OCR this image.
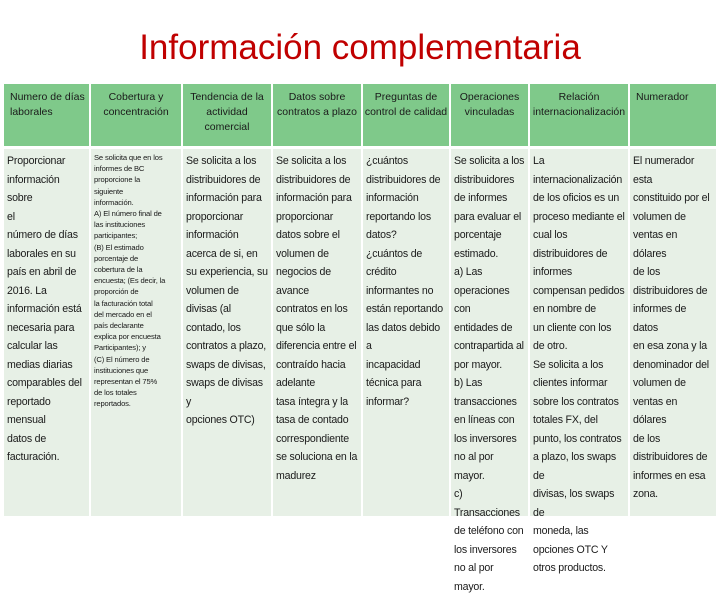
Información complementaria
Numero de días
laborales
Cobertura y
concentración
Tendencia de la
actividad
comercial
Datos sobre
contratos a plazo
Preguntas de
control de calidad
Operaciones
vinculadas
Relación
internacionalización
Numerador
Proporcionar
información sobre
el
número de días
laborales en su
país en abril de
2016. La
información está
necesaria para
calcular las
medias diarias
comparables del
reportado
mensual
datos de
facturación.
Se solicita que en los
informes de BC
proporcione la
siguiente
información.
A) El número final de
las instituciones
participantes;
(B) El estimado
porcentaje de
cobertura de la
encuesta; (Es decir, la
proporción de
la facturación total
del mercado en el
país declarante
explica por encuesta
Participantes); y
(C) El número de
instituciones que
representan el 75%
de los totales
reportados.
Se solicita a los
distribuidores de
información para
proporcionar
información
acerca de si, en
su experiencia, su
volumen de
divisas (al
contado, los
contratos a plazo,
swaps de divisas,
swaps de divisas y
opciones OTC)
Se solicita a los
distribuidores de
información para
proporcionar
datos sobre el
volumen de
negocios de
avance
contratos en los
que sólo la
diferencia entre el
contraído hacia
adelante
tasa íntegra y la
tasa de contado
correspondiente
se soluciona en la
madurez
¿cuántos
distribuidores de
información
reportando los
datos?
¿cuántos de
crédito
informantes no
están reportando
las datos debido a
incapacidad
técnica para
informar?
Se solicita a los
distribuidores
de informes
para evaluar el
porcentaje
estimado.
a) Las
operaciones con
entidades de
contrapartida al
por mayor.
b) Las
transacciones
en líneas con
los inversores
no al por mayor.
c) Transacciones
de teléfono con
los inversores
no al por mayor.
La
internacionalización
de los oficios es un
proceso mediante el
cual los
distribuidores de
informes
compensan pedidos
en nombre de
un cliente con los
de otro.
Se solicita a los
clientes informar
sobre los contratos
totales FX, del
punto, los contratos
a plazo, los swaps de
divisas, los swaps de
moneda, las
opciones OTC Y
otros productos.
El numerador esta
constituido por el
volumen de
ventas en dólares
de los
distribuidores de
informes de datos
en esa zona y la
denominador del
volumen de
ventas en dólares
de los
distribuidores de
informes en esa
zona.
